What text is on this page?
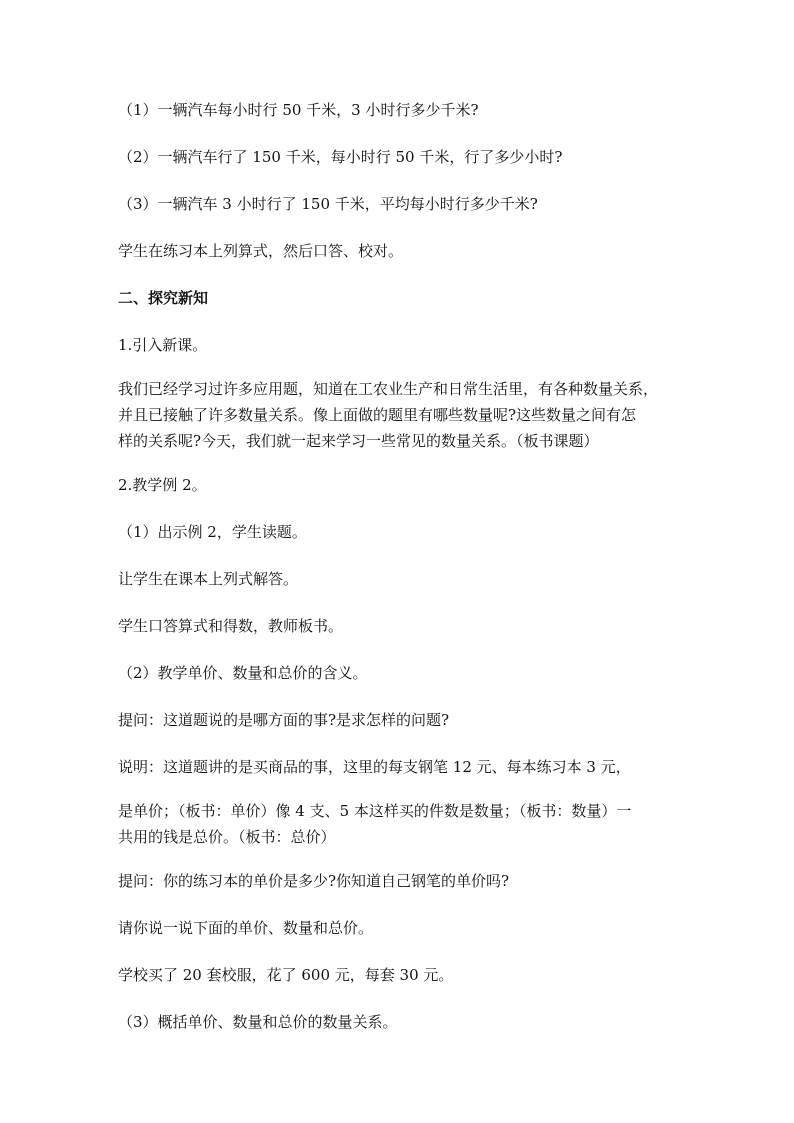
（1）一辆汽车每小时行 50 千米，3 小时行多少千米?

（2）一辆汽车行了 150 千米，每小时行 50 千米，行了多少小时?

（3）一辆汽车 3 小时行了 150 千米，平均每小时行多少千米?

学生在练习本上列算式，然后口答、校对。

二、探究新知

1.引入新课。

我们已经学习过许多应用题，知道在工农业生产和日常生活里，有各种数量关系，
并且已接触了许多数量关系。像上面做的题里有哪些数量呢?这些数量之间有怎
样的关系呢?今天，我们就一起来学习一些常见的数量关系。（板书课题）

2.教学例 2。

（1）出示例 2，学生读题。

让学生在课本上列式解答。

学生口答算式和得数，教师板书。

（2）教学单价、数量和总价的含义。

提问：这道题说的是哪方面的事?是求怎样的问题?

说明：这道题讲的是买商品的事，这里的每支钢笔 12 元、每本练习本 3 元，

是单价；（板书：单价）像 4 支、5 本这样买的件数是数量；（板书：数量）一
共用的钱是总价。（板书：总价）

提问：你的练习本的单价是多少?你知道自己钢笔的单价吗?

请你说一说下面的单价、数量和总价。

学校买了 20 套校服，花了 600 元，每套 30 元。

（3）概括单价、数量和总价的数量关系。
